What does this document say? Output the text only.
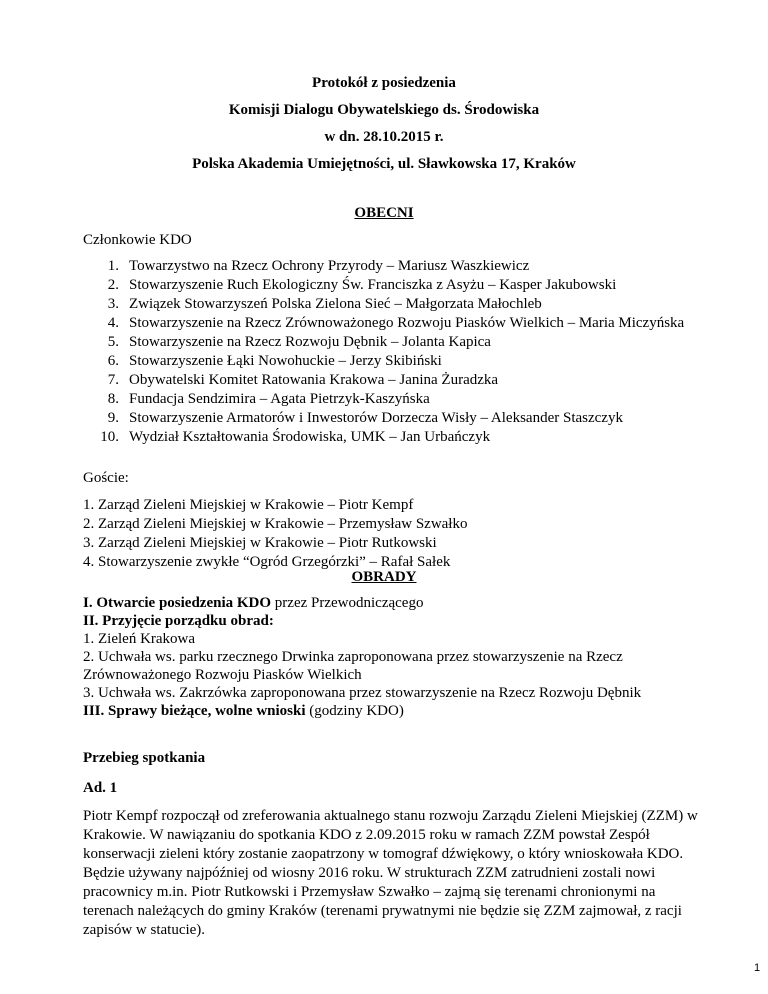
Protokół z posiedzenia
Komisji Dialogu Obywatelskiego ds. Środowiska
w dn. 28.10.2015 r.
Polska Akademia Umiejętności, ul. Sławkowska 17, Kraków
OBECNI
Członkowie KDO
1. Towarzystwo na Rzecz Ochrony Przyrody – Mariusz Waszkiewicz
2. Stowarzyszenie Ruch Ekologiczny Św. Franciszka z Asyżu – Kasper Jakubowski
3. Związek Stowarzyszeń Polska Zielona Sieć – Małgorzata Małochleb
4. Stowarzyszenie na Rzecz Zrównoważonego Rozwoju Piasków Wielkich – Maria Miczyńska
5. Stowarzyszenie na Rzecz Rozwoju Dębnik – Jolanta Kapica
6. Stowarzyszenie Łąki Nowohuckie – Jerzy Skibiński
7. Obywatelski Komitet Ratowania Krakowa – Janina Żuradzka
8. Fundacja Sendzimira – Agata Pietrzyk-Kaszyńska
9. Stowarzyszenie Armatorów i Inwestorów Dorzecza Wisły – Aleksander Staszczyk
10. Wydział Kształtowania Środowiska, UMK – Jan Urbańczyk
Goście:
1. Zarząd Zieleni Miejskiej w Krakowie – Piotr Kempf
2. Zarząd Zieleni Miejskiej w Krakowie – Przemysław Szwałko
3. Zarząd Zieleni Miejskiej w Krakowie – Piotr Rutkowski
4. Stowarzyszenie zwykłe “Ogród Grzegórzki” – Rafał Sałek
OBRADY
I. Otwarcie posiedzenia KDO przez Przewodniczącego
II. Przyjęcie porządku obrad:
1. Zieleń Krakowa
2. Uchwała ws. parku rzecznego Drwinka zaproponowana przez stowarzyszenie na Rzecz
Zrównoważonego Rozwoju Piasków Wielkich
3. Uchwała ws. Zakrzówka zaproponowana przez stowarzyszenie na Rzecz Rozwoju Dębnik
III. Sprawy bieżące, wolne wnioski (godziny KDO)
Przebieg spotkania
Ad. 1
Piotr Kempf rozpoczął od zreferowania aktualnego stanu rozwoju Zarządu Zieleni Miejskiej (ZZM) w Krakowie. W nawiązaniu do spotkania KDO z 2.09.2015 roku w ramach ZZM powstał Zespół konserwacji zieleni który zostanie zaopatrzony w tomograf dźwiękowy, o który wnioskowała KDO. Będzie używany najpóźniej od wiosny 2016 roku. W strukturach ZZM zatrudnieni zostali nowi pracownicy m.in. Piotr Rutkowski i Przemysław Szwałko – zajmą się terenami chronionymi na terenach należących do gminy Kraków (terenami prywatnymi nie będzie się ZZM zajmował, z racji zapisów w statucie).
1
